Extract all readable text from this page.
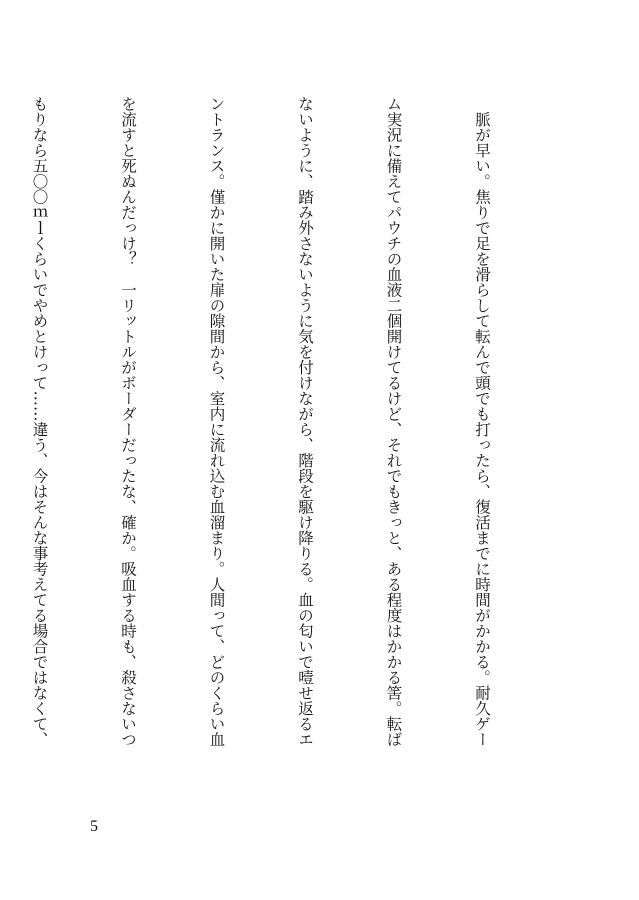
　脈が早い。焦りで足を滑らして転んで頭でも打ったら、復活までに時間がかかる。耐久ゲー

ム実況に備えてパウチの血液二個開けてるけど、それでもきっと、ある程度はかかる筈。転ば

ないように、踏み外さないように気を付けながら、階段を駆け降りる。血の匂いで噎せ返るエ

ントランス。僅かに開いた扉の隙間から、室内に流れ込む血溜まり。人間って、どのくらい血

を流すと死ぬんだっけ？　一リットルがボーダーだったな、確か。吸血する時も、殺さないつ

もりなら五〇〇ｍｌくらいでやめとけって……違う、今はそんな事考えてる場合ではなくて、

5
